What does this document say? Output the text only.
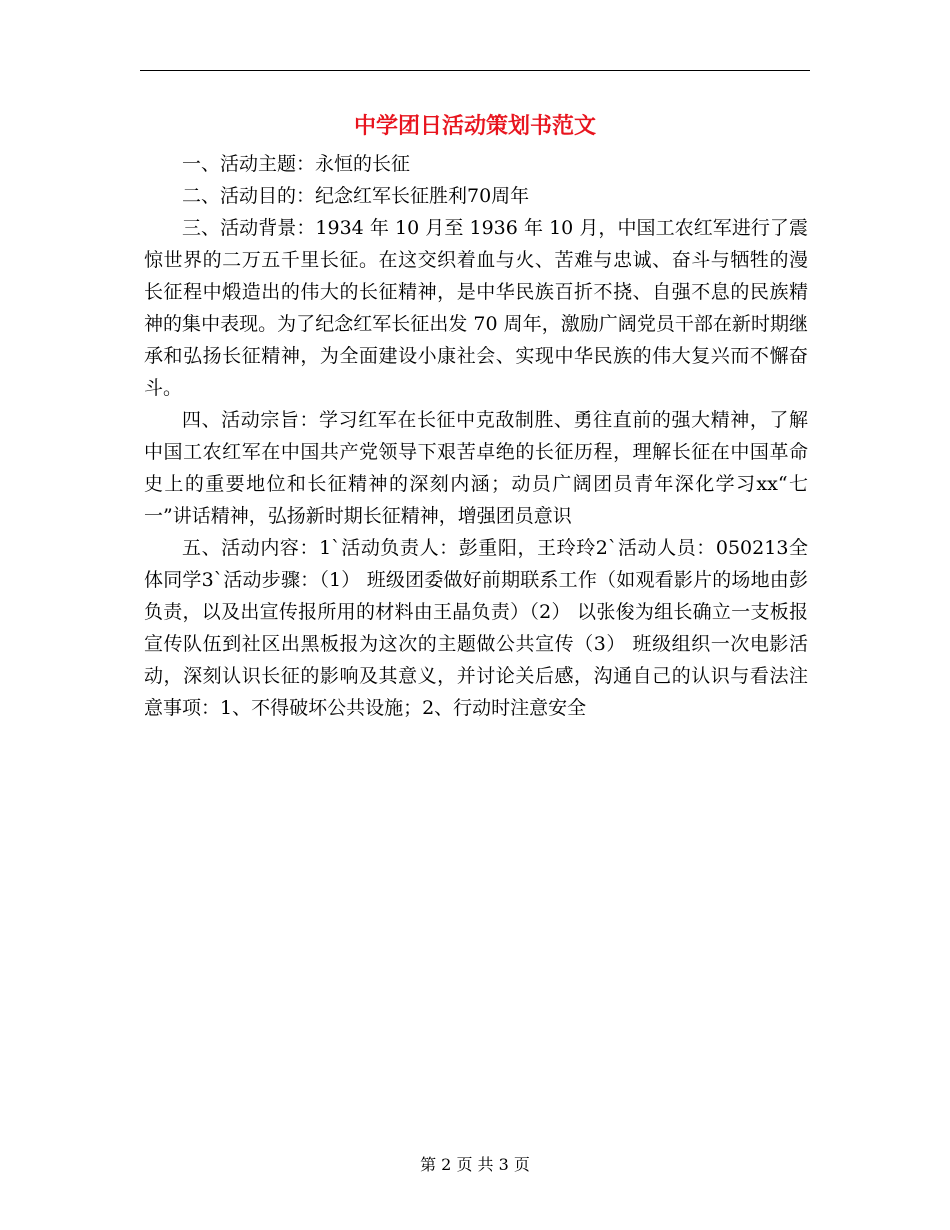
中学团日活动策划书范文

一、活动主题：永恒的长征

二、活动目的：纪念红军长征胜利70周年

三、活动背景：1934 年 10 月至 1936 年 10 月，中国工农红军进行了震惊世界的二万五千里长征。在这交织着血与火、苦难与忠诚、奋斗与牺牲的漫长征程中煅造出的伟大的长征精神，是中华民族百折不挠、自强不息的民族精神的集中表现。为了纪念红军长征出发 70 周年，激励广阔党员干部在新时期继承和弘扬长征精神，为全面建设小康社会、实现中华民族的伟大复兴而不懈奋斗。

四、活动宗旨：学习红军在长征中克敌制胜、勇往直前的强大精神，了解中国工农红军在中国共产党领导下艰苦卓绝的长征历程，理解长征在中国革命史上的重要地位和长征精神的深刻内涵；动员广阔团员青年深化学习xx“七一”讲话精神，弘扬新时期长征精神，增强团员意识

五、活动内容：1`活动负责人：彭重阳，王玲玲2`活动人员：050213全体同学3`活动步骤：（1） 班级团委做好前期联系工作（如观看影片的场地由彭负责，以及出宣传报所用的材料由王晶负责）（2） 以张俊为组长确立一支板报宣传队伍到社区出黑板报为这次的主题做公共宣传（3） 班级组织一次电影活动，深刻认识长征的影响及其意义，并讨论关后感，沟通自己的认识与看法注意事项：1、不得破坏公共设施；2、行动时注意安全

第 2 页 共 3 页
